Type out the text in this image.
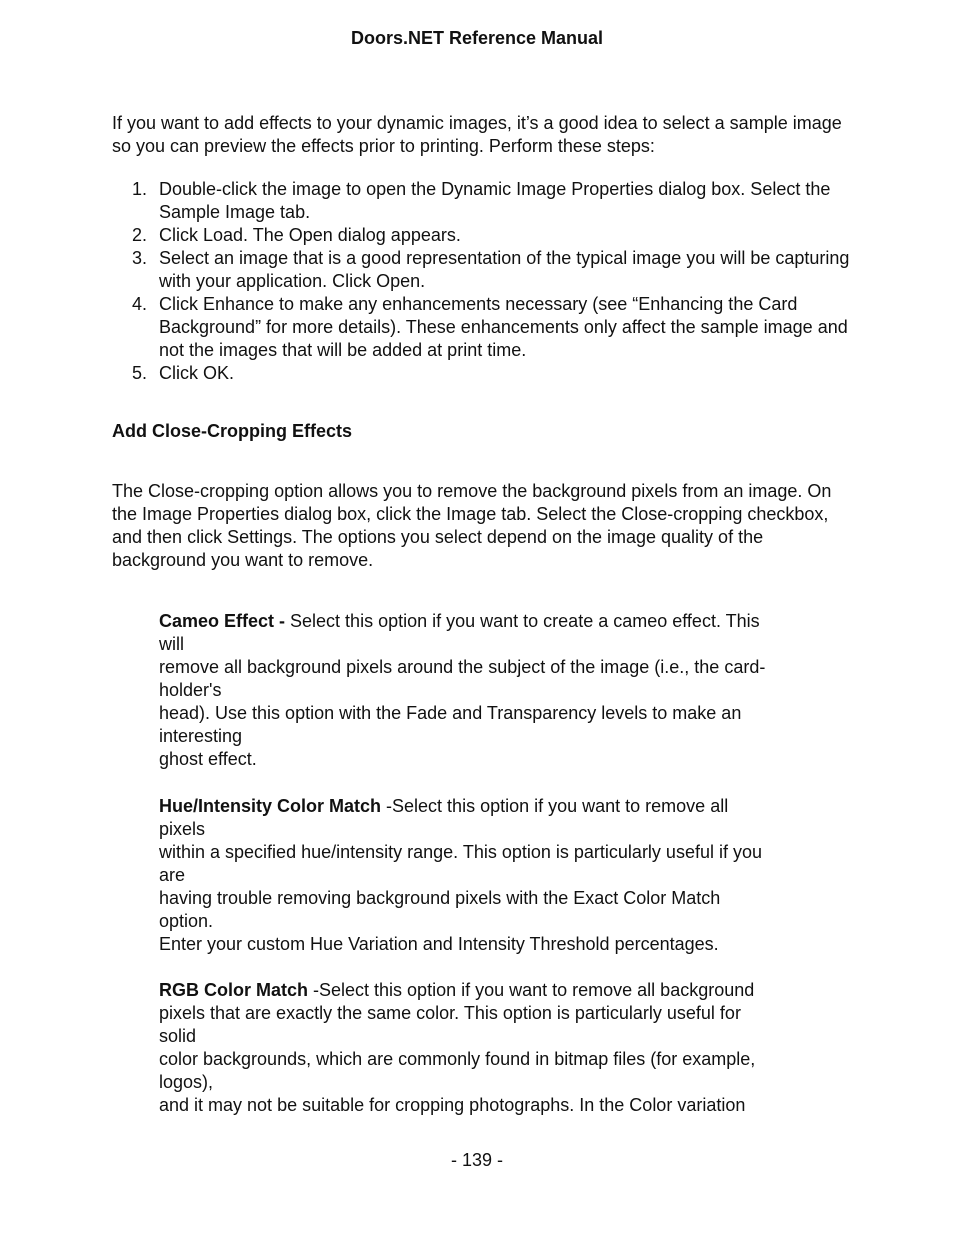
Doors.NET Reference Manual

If you want to add effects to your dynamic images, it’s a good idea to select a sample image so you can preview the effects prior to printing. Perform these steps:

1. Double-click the image to open the Dynamic Image Properties dialog box. Select the Sample Image tab.
2. Click Load. The Open dialog appears.
3. Select an image that is a good representation of the typical image you will be capturing with your application. Click Open.
4. Click Enhance to make any enhancements necessary (see “Enhancing the Card Background” for more details). These enhancements only affect the sample image and not the images that will be added at print time.
5. Click OK.
Add Close-Cropping Effects

The Close-cropping option allows you to remove the background pixels from an image. On the Image Properties dialog box, click the Image tab. Select the Close-cropping checkbox, and then click Settings. The options you select depend on the image quality of the background you want to remove.

Cameo Effect - Select this option if you want to create a cameo effect. This
will
remove all background pixels around the subject of the image (i.e., the card-
holder's
head). Use this option with the Fade and Transparency levels to make an
interesting
ghost effect.
Hue/Intensity Color Match -Select this option if you want to remove all
pixels
within a specified hue/intensity range. This option is particularly useful if you
are
having trouble removing background pixels with the Exact Color Match
option.
Enter your custom Hue Variation and Intensity Threshold percentages.
RGB Color Match -Select this option if you want to remove all background
pixels that are exactly the same color. This option is particularly useful for
solid
color backgrounds, which are commonly found in bitmap files (for example,
logos),
and it may not be suitable for cropping photographs. In the Color variation
- 139 -
